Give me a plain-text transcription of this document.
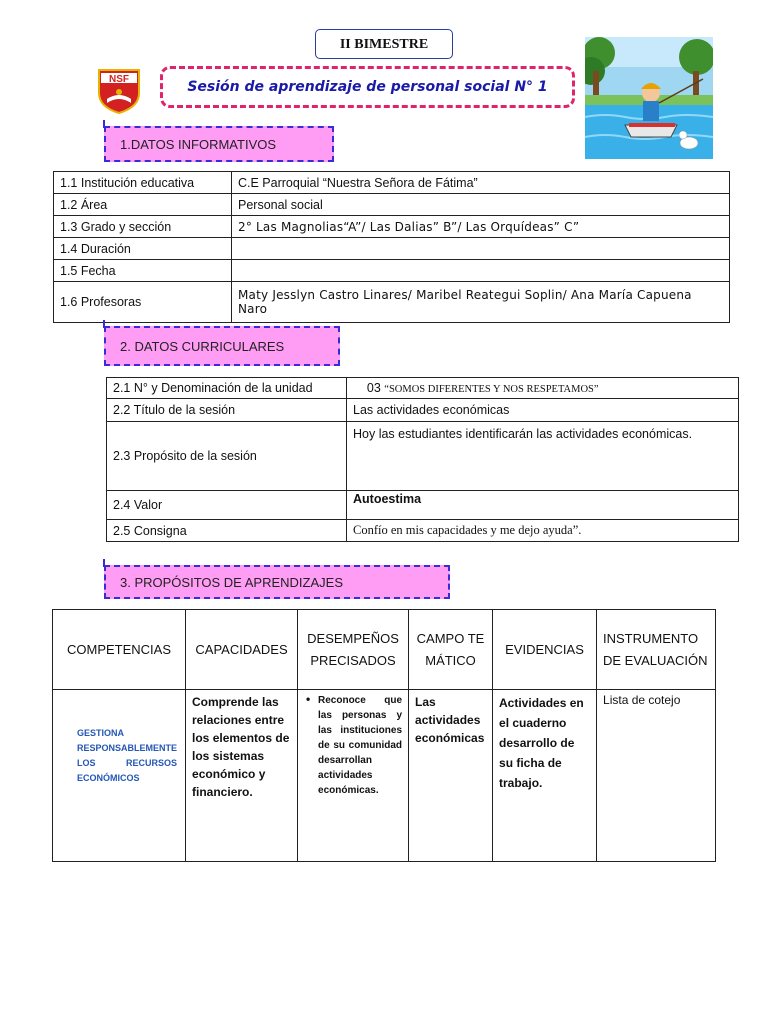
II BIMESTRE
NSF	Sesión de aprendizaje de personal social N° 1
1.DATOS INFORMATIVOS
1.1 Institución educativa	C.E Parroquial “Nuestra Señora de Fátima”
1.2 Área	Personal social
1.3 Grado y sección	2° Las Magnolias“A”/ Las Dalias” B”/ Las Orquídeas” C”
1.4 Duración	
1.5 Fecha	
1.6 Profesoras	Maty Jesslyn Castro Linares/ Maribel Reategui Soplin/ Ana María Capuena Naro
2. DATOS CURRICULARES
2.1 N° y Denominación de la unidad	03 “SOMOS DIFERENTES Y NOS RESPETAMOS”
2.2 Título de la sesión	Las actividades económicas
2.3 Propósito de la sesión	Hoy las estudiantes identificarán las actividades económicas.
2.4 Valor	Autoestima
2.5 Consigna	Confío en mis capacidades y me dejo ayuda”.
3. PROPÓSITOS DE APRENDIZAJES
COMPETENCIAS	CAPACIDADES	DESEMPEÑOS PRECISADOS	CAMPO TEMÁTICO	EVIDENCIAS	INSTRUMENTO DE EVALUACIÓN

GESTIONA RESPONSABLEMENTE LOS RECURSOS ECONÓMICOS	Comprende las relaciones entre los elementos de los sistemas económico y financiero.	• Reconoce que las personas y las instituciones de su comunidad desarrollan actividades económicas.	Las actividades económicas	Actividades en el cuaderno desarrollo de su ficha de trabajo.	Lista de cotejo
